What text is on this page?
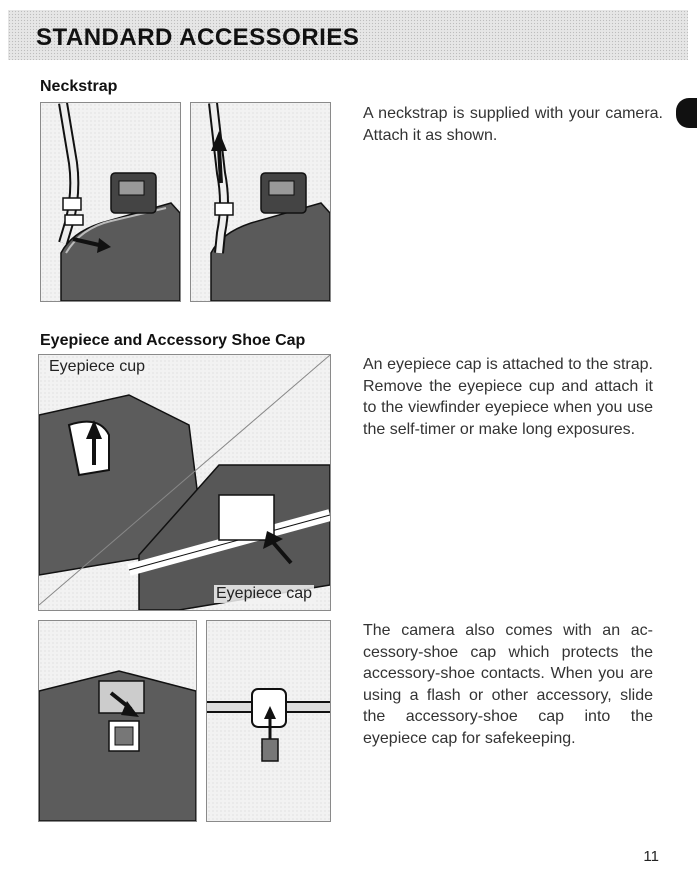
STANDARD ACCESSORIES
Neckstrap

A neckstrap is supplied with your camera. Attach it as shown.

Eyepiece and Accessory Shoe Cap
Eyepiece cup
Eyepiece cap

An eyepiece cap is attached to the strap. Remove the eyepiece cup and attach it to the viewfinder eyepiece when you use the self-timer or make long exposures.

The camera also comes with an ac-cessory-shoe cap which protects the accessory-shoe contacts. When you are using a flash or other accessory, slide the accessory-shoe cap into the eyepiece cap for safekeeping.

11
